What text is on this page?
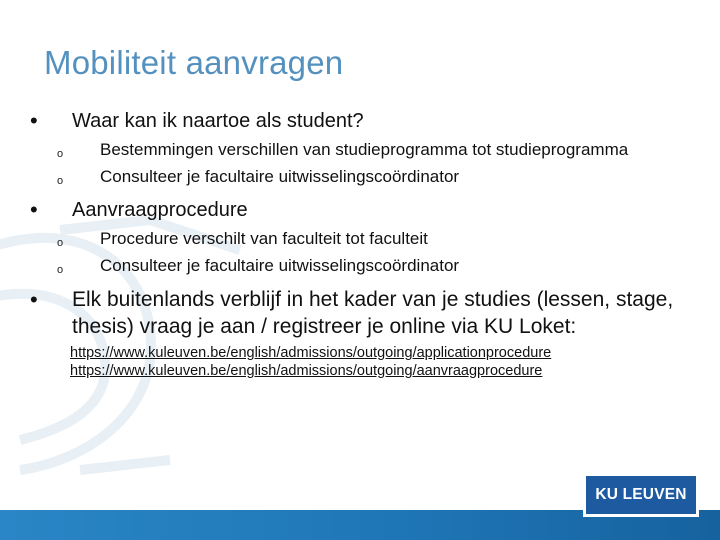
Mobiliteit aanvragen
•	Waar kan ik naartoe als student?
o Bestemmingen verschillen van studieprogramma tot studieprogramma
o Consulteer je facultaire uitwisselingscoördinator
•	Aanvraagprocedure
o Procedure verschilt van faculteit tot faculteit
o Consulteer je facultaire uitwisselingscoördinator
•	Elk buitenlands verblijf in het kader van je studies (lessen, stage, thesis) vraag je aan / registreer je online via KU Loket:
https://www.kuleuven.be/english/admissions/outgoing/applicationprocedure
https://www.kuleuven.be/english/admissions/outgoing/aanvraagprocedure
KU LEUVEN
